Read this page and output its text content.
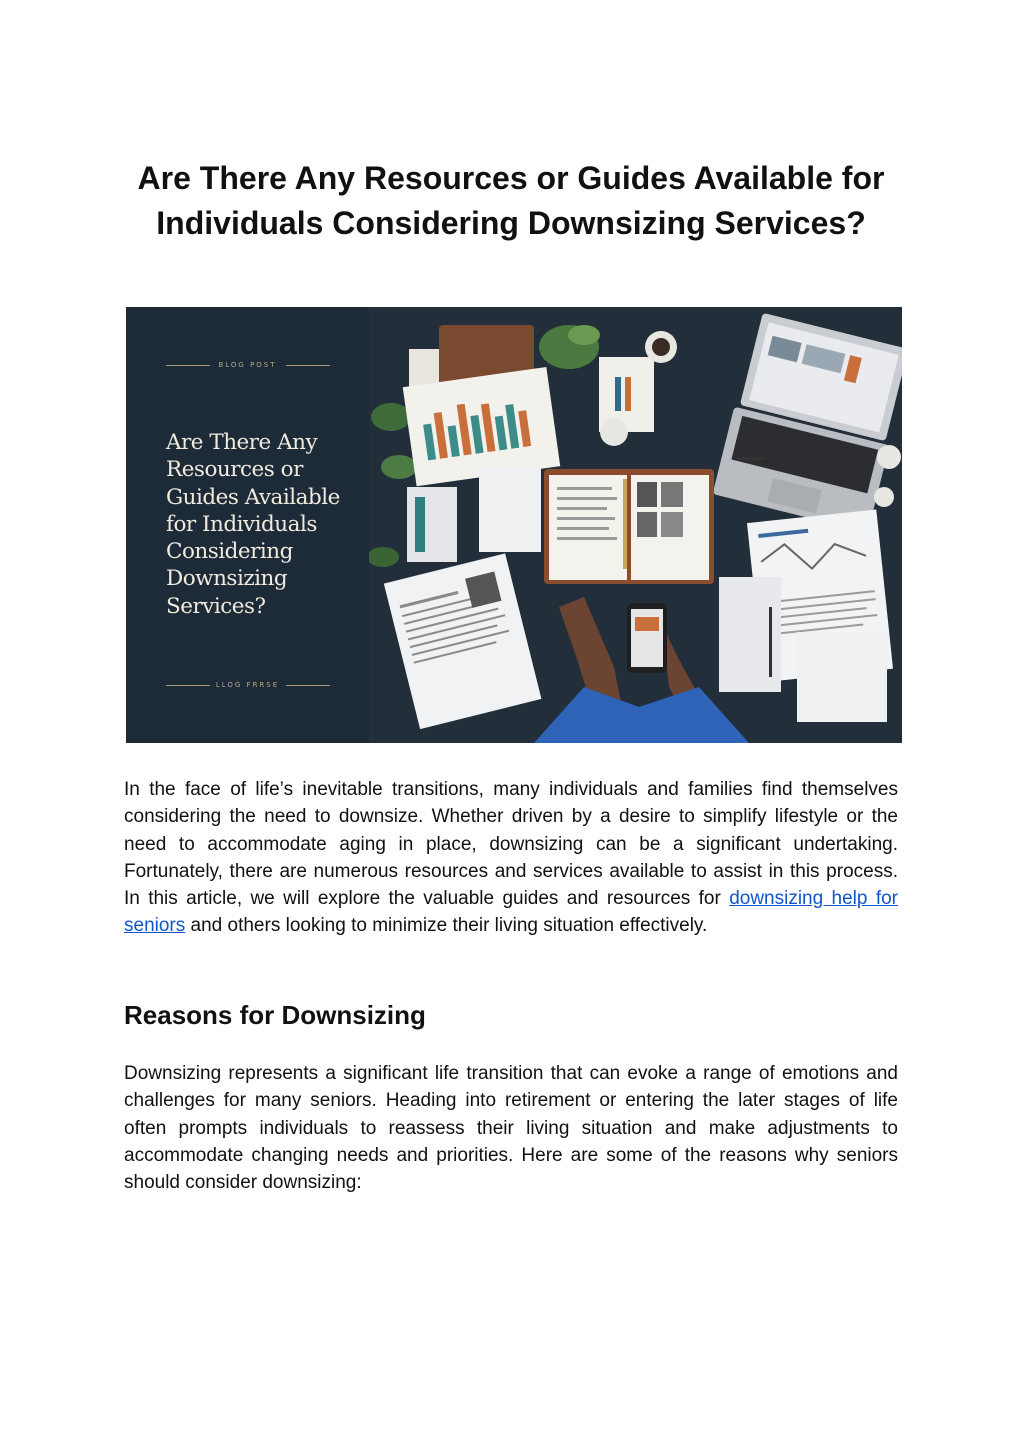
Are There Any Resources or Guides Available for Individuals Considering Downsizing Services?
BLOG POST
Are There Any
Resources or
Guides Available
for Individuals
Considering
Downsizing
Services?
LLOG FRRSE

In the face of life’s inevitable transitions, many individuals and families find themselves considering the need to downsize. Whether driven by a desire to simplify lifestyle or the need to accommodate aging in place, downsizing can be a significant undertaking. Fortunately, there are numerous resources and services available to assist in this process. In this article, we will explore the valuable guides and resources for downsizing help for seniors and others looking to minimize their living situation effectively.

Reasons for Downsizing

Downsizing represents a significant life transition that can evoke a range of emotions and challenges for many seniors. Heading into retirement or entering the later stages of life often prompts individuals to reassess their living situation and make adjustments to accommodate changing needs and priorities. Here are some of the reasons why seniors should consider downsizing:
